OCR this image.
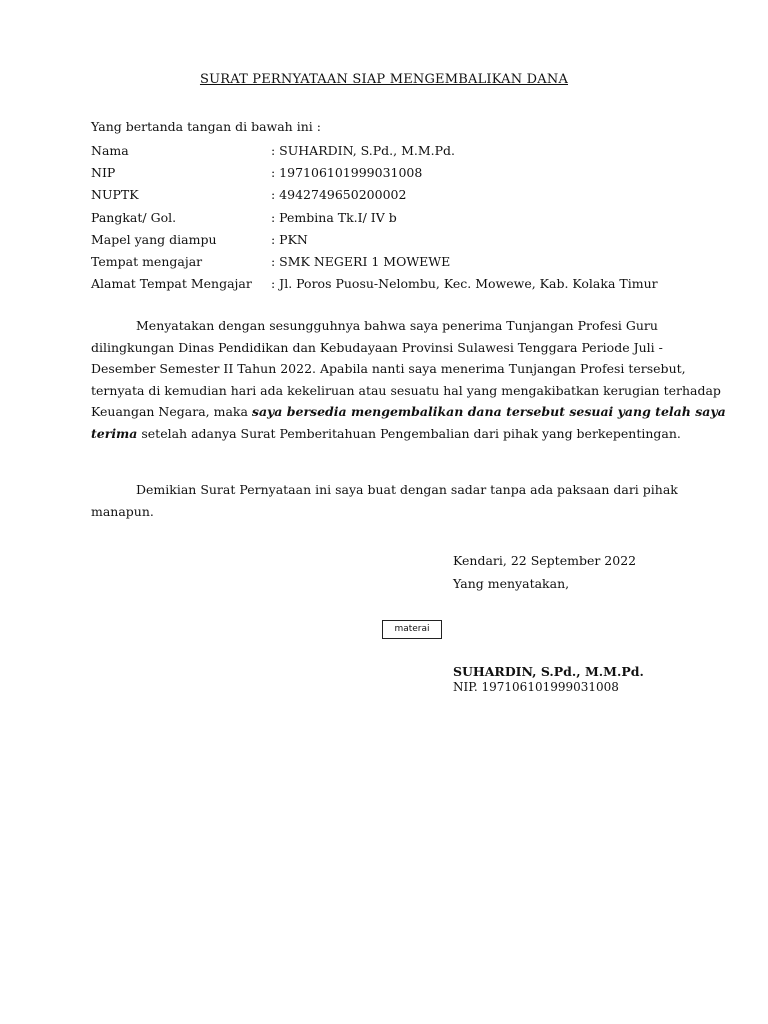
SURAT PERNYATAAN SIAP MENGEMBALIKAN DANA
Yang bertanda tangan di bawah ini :
Nama	: SUHARDIN, S.Pd., M.M.Pd.
NIP	: 197106101999031008
NUPTK	: 4942749650200002
Pangkat/ Gol.	: Pembina Tk.I/ IV b
Mapel yang diampu	: PKN
Tempat mengajar	: SMK NEGERI 1 MOWEWE
Alamat Tempat Mengajar	: Jl. Poros Puosu-Nelombu, Kec. Mowewe, Kab. Kolaka Timur
Menyatakan dengan sesungguhnya bahwa saya penerima Tunjangan Profesi Guru
dilingkungan Dinas Pendidikan dan Kebudayaan Provinsi Sulawesi Tenggara Periode Juli -
Desember Semester II Tahun 2022. Apabila nanti saya menerima Tunjangan Profesi tersebut,
ternyata di kemudian hari ada kekeliruan atau sesuatu hal yang mengakibatkan kerugian terhadap
Keuangan Negara, maka saya bersedia mengembalikan dana tersebut sesuai yang telah saya
terima setelah adanya Surat Pemberitahuan Pengembalian dari pihak yang berkepentingan.
Demikian Surat Pernyataan ini saya buat dengan sadar tanpa ada paksaan dari pihak
manapun.
Kendari, 22 September 2022
Yang menyatakan,
materai
SUHARDIN, S.Pd., M.M.Pd.
NIP. 197106101999031008
